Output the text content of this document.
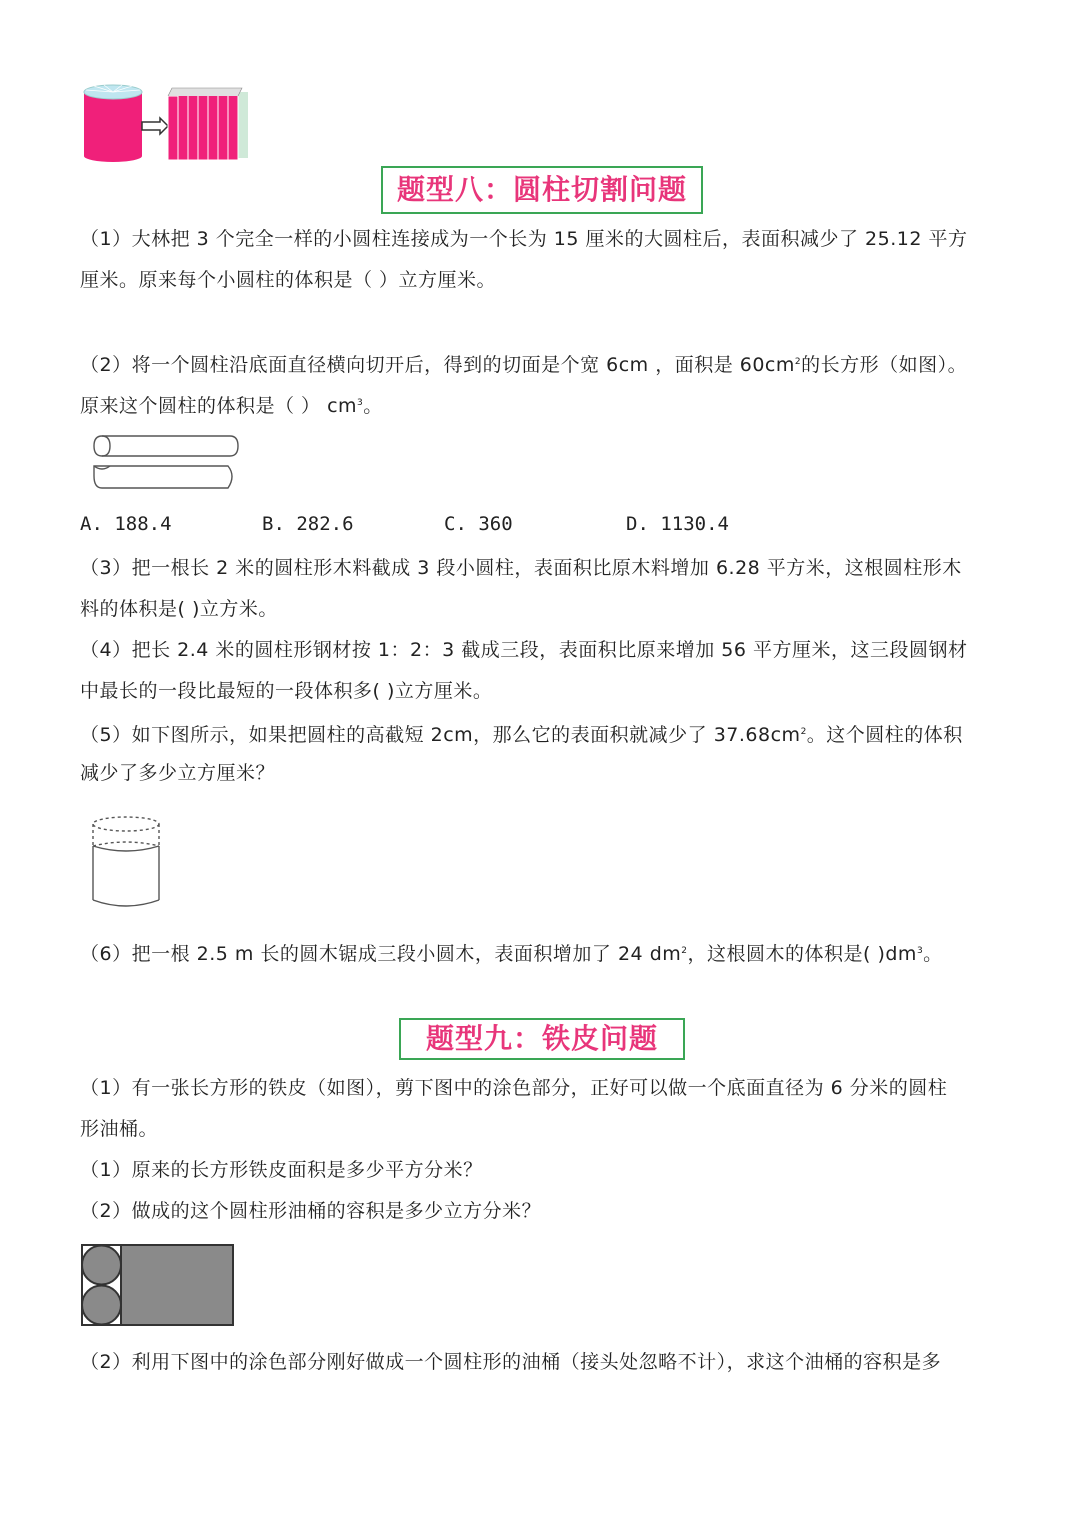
题型八：圆柱切割问题
（1）大林把 3 个完全一样的小圆柱连接成为一个长为 15 厘米的大圆柱后，表面积减少了 25.12 平方
厘米。原来每个小圆柱的体积是（ ）立方厘米。
（2）将一个圆柱沿底面直径横向切开后，得到的切面是个宽 6cm ，面积是 $60cm^2$的长方形（如图）。
原来这个圆柱的体积是（ ） $cm^3$。
A. 188.4	B. 282.6	C. 360	D. 1130.4
（3）把一根长 2 米的圆柱形木料截成 3 段小圆柱，表面积比原木料增加 6.28 平方米，这根圆柱形木
料的体积是( )立方米。
（4）把长 2.4 米的圆柱形钢材按 1：2：3 截成三段，表面积比原来增加 56 平方厘米，这三段圆钢材
中最长的一段比最短的一段体积多( )立方厘米。
（5）如下图所示，如果把圆柱的高截短 2cm，那么它的表面积就减少了 $37.68cm^2$。这个圆柱的体积
减少了多少立方厘米？
（6）把一根 2.5 m 长的圆木锯成三段小圆木，表面积增加了 24 $dm^2$，这根圆木的体积是( )$dm^3$。
题型九：铁皮问题
（1）有一张长方形的铁皮（如图），剪下图中的涂色部分，正好可以做一个底面直径为 6 分米的圆柱
形油桶。
（1）原来的长方形铁皮面积是多少平方分米？
（2）做成的这个圆柱形油桶的容积是多少立方分米？
（2）利用下图中的涂色部分刚好做成一个圆柱形的油桶（接头处忽略不计），求这个油桶的容积是多
